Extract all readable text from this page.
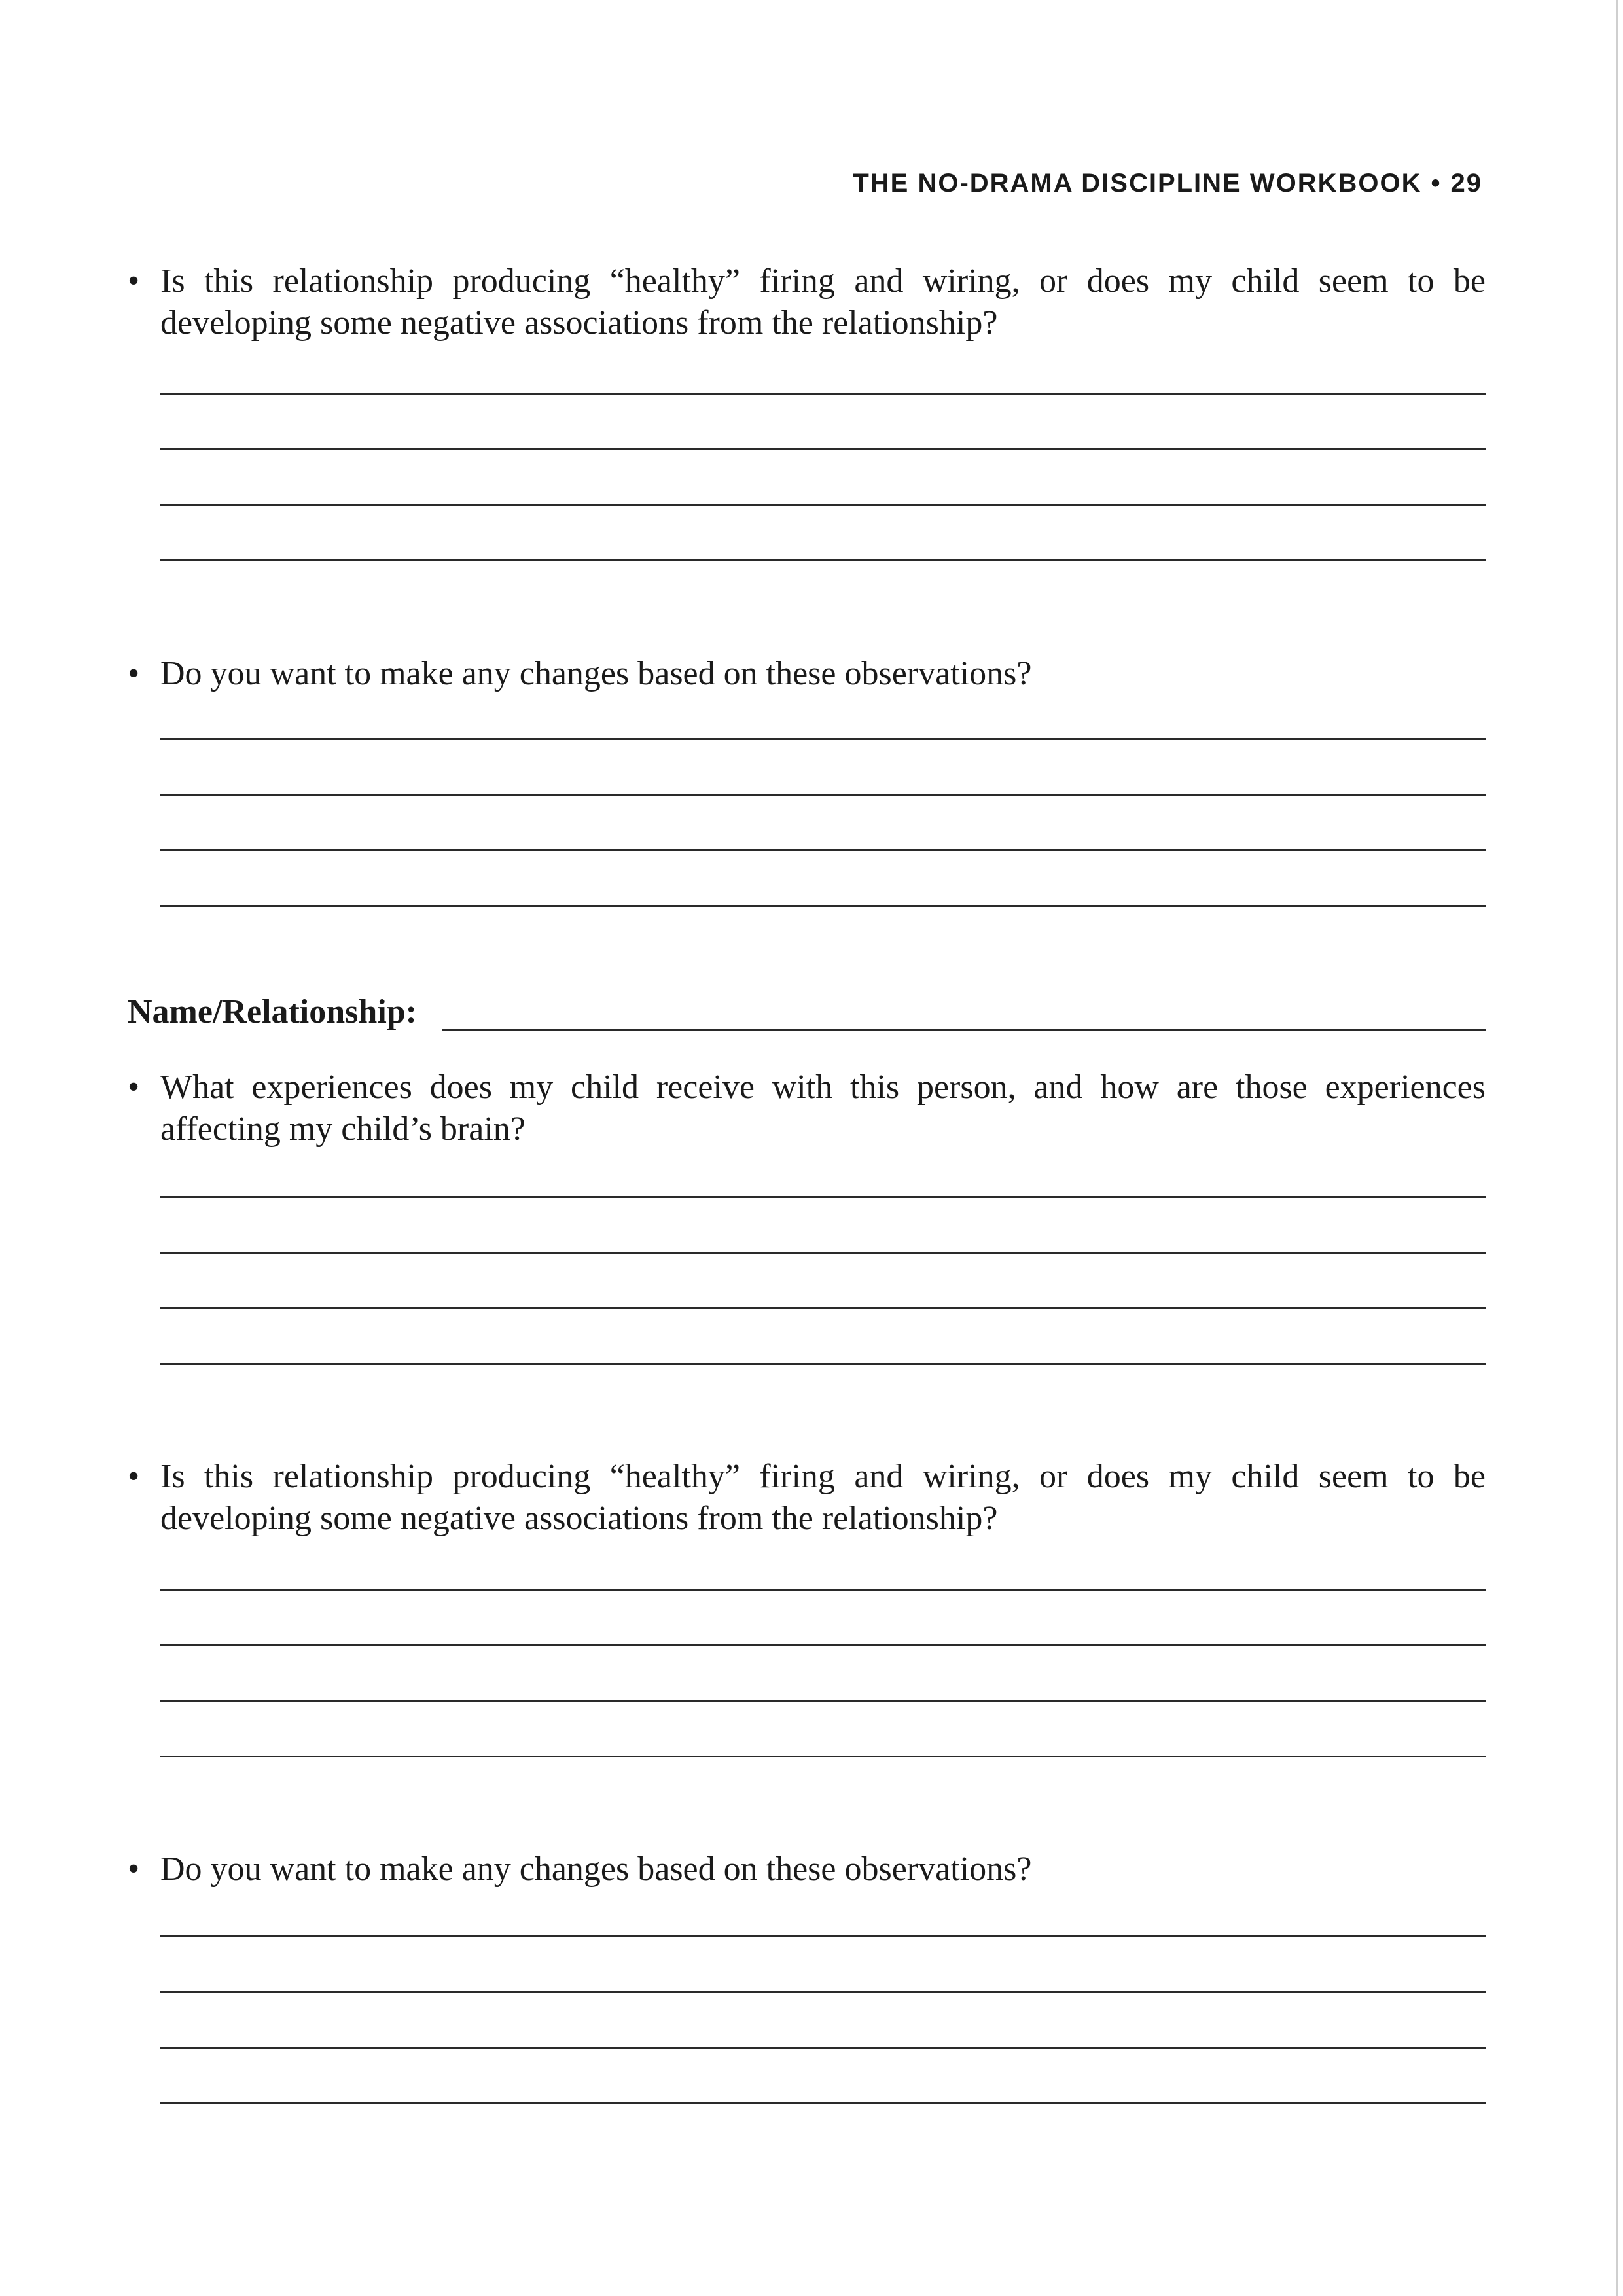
THE NO-DRAMA DISCIPLINE WORKBOOK • 29
• Is this relationship producing “healthy” firing and wiring, or does my child seem to be developing some negative associations from the relationship?
• Do you want to make any changes based on these observations?
Name/Relationship:
• What experiences does my child receive with this person, and how are those experiences affecting my child’s brain?
• Is this relationship producing “healthy” firing and wiring, or does my child seem to be developing some negative associations from the relationship?
• Do you want to make any changes based on these observations?
